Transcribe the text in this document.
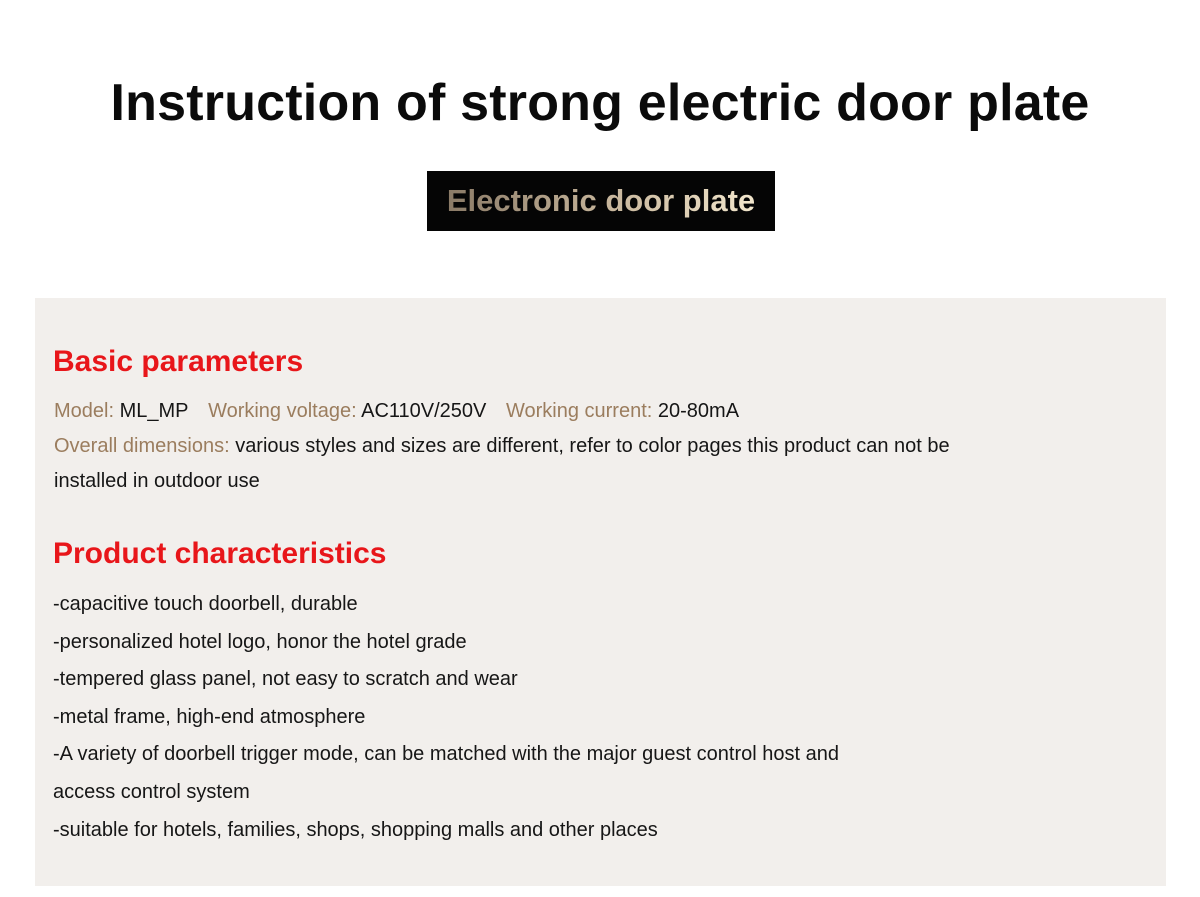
Instruction of strong electric door plate
Electronic door plate
Basic parameters
Model: ML_MP Working voltage: AC110V/250V Working current: 20-80mA
Overall dimensions: various styles and sizes are different, refer to color pages this product can not be
installed in outdoor use
Product characteristics
-capacitive touch doorbell, durable
-personalized hotel logo, honor the hotel grade
-tempered glass panel, not easy to scratch and wear
-metal frame, high-end atmosphere
-A variety of doorbell trigger mode, can be matched with the major guest control host and
access control system
-suitable for hotels, families, shops, shopping malls and other places
